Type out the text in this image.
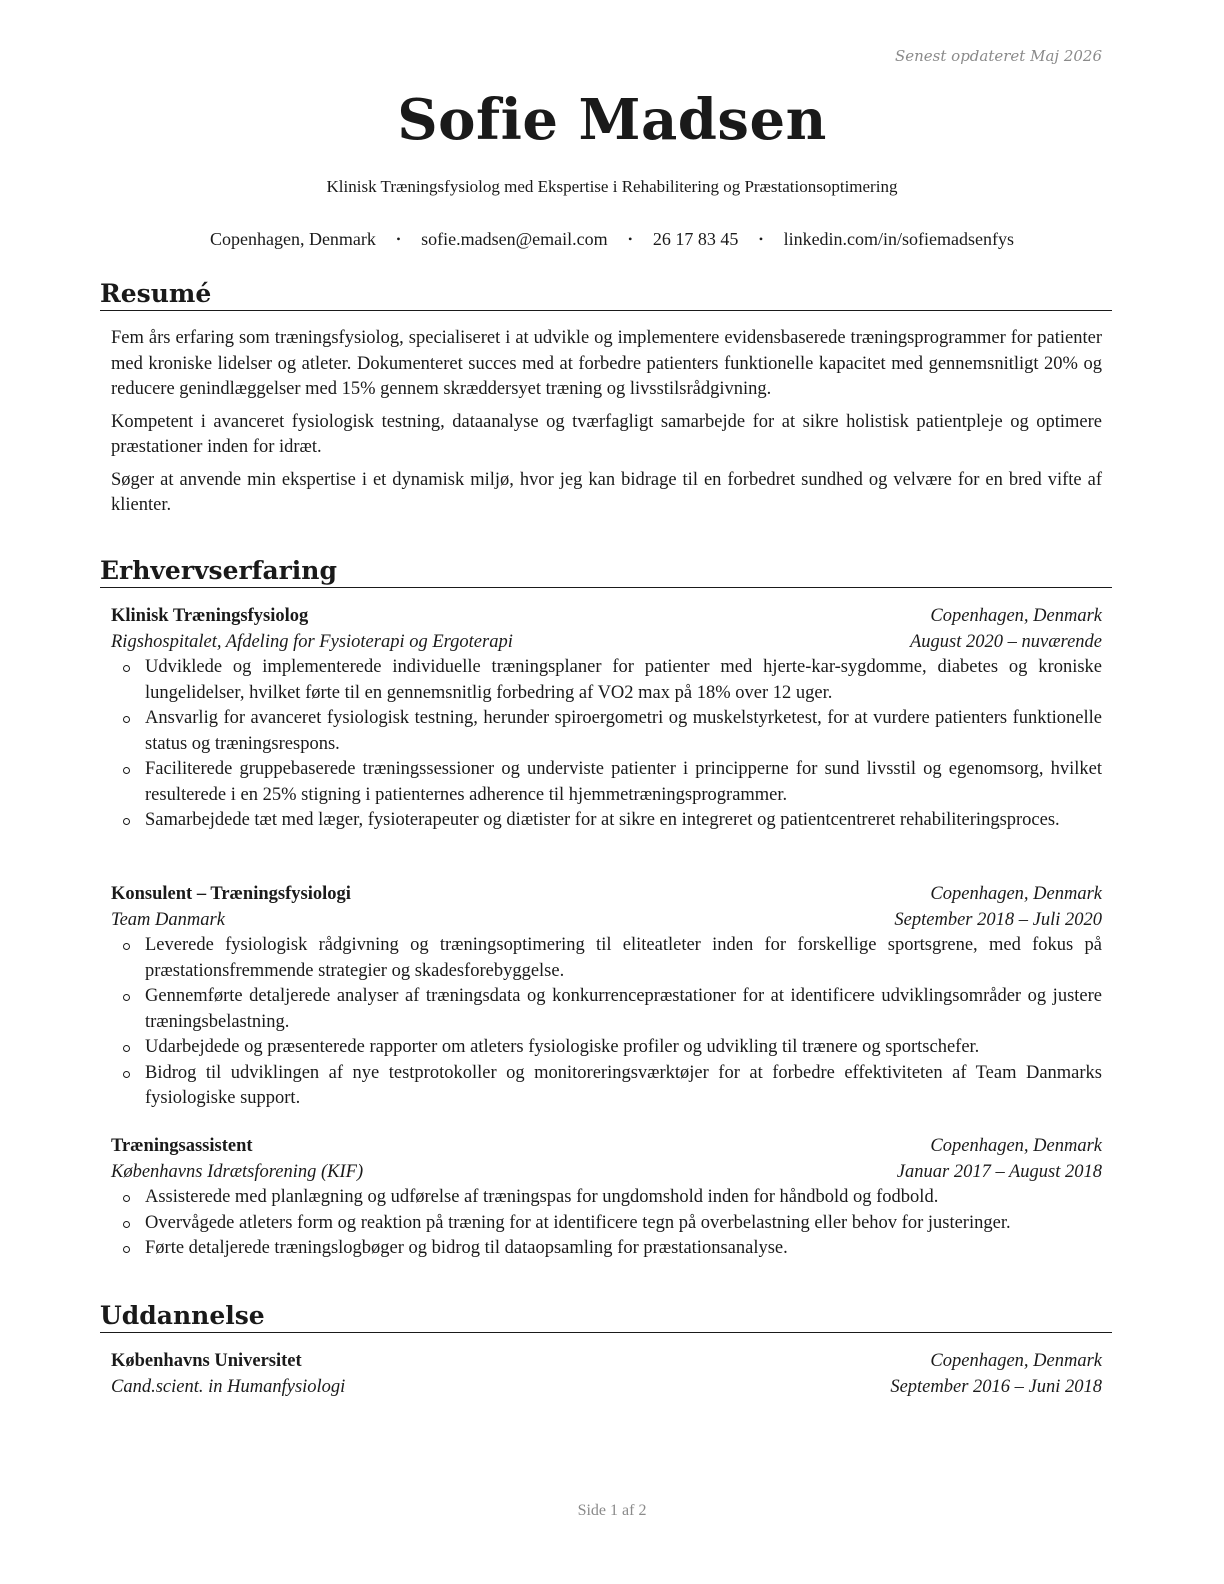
Senest opdateret Maj 2026
Sofie Madsen
Klinisk Træningsfysiolog med Ekspertise i Rehabilitering og Præstationsoptimering
Copenhagen, Denmark • sofie.madsen@email.com • 26 17 83 45 • linkedin.com/in/sofiemadsenfys
Resumé

Fem års erfaring som træningsfysiolog, specialiseret i at udvikle og implementere evidensbaserede træningsprogrammer for patienter med kroniske lidelser og atleter. Dokumenteret succes med at forbedre patienters funktionelle kapacitet med gennemsnitligt 20% og reducere genindlæggelser med 15% gennem skræddersyet træning og livsstilsrådgivning.

Kompetent i avanceret fysiologisk testning, dataanalyse og tværfagligt samarbejde for at sikre holistisk patientpleje og optimere præstationer inden for idræt.

Søger at anvende min ekspertise i et dynamisk miljø, hvor jeg kan bidrage til en forbedret sundhed og velvære for en bred vifte af klienter.

Erhvervserfaring
Klinisk Træningsfysiolog	Copenhagen, Denmark
Rigshospitalet, Afdeling for Fysioterapi og Ergoterapi	August 2020 – nuværende
Udviklede og implementerede individuelle træningsplaner for patienter med hjerte-kar-sygdomme, diabetes og kroniske lungelidelser, hvilket førte til en gennemsnitlig forbedring af VO2 max på 18% over 12 uger.
Ansvarlig for avanceret fysiologisk testning, herunder spiroergometri og muskelstyrketest, for at vurdere patienters funktionelle status og træningsrespons.
Faciliterede gruppebaserede træningssessioner og underviste patienter i principperne for sund livsstil og egenomsorg, hvilket resulterede i en 25% stigning i patienternes adherence til hjemmetræningsprogrammer.
Samarbejdede tæt med læger, fysioterapeuter og diætister for at sikre en integreret og patientcentreret rehabiliteringsproces.
Konsulent – Træningsfysiologi	Copenhagen, Denmark
Team Danmark	September 2018 – Juli 2020
Leverede fysiologisk rådgivning og træningsoptimering til eliteatleter inden for forskellige sportsgrene, med fokus på præstationsfremmende strategier og skadesforebyggelse.
Gennemførte detaljerede analyser af træningsdata og konkurrencepræstationer for at identificere udviklingsområder og justere træningsbelastning.
Udarbejdede og præsenterede rapporter om atleters fysiologiske profiler og udvikling til trænere og sportschefer.
Bidrog til udviklingen af nye testprotokoller og monitoreringsværktøjer for at forbedre effektiviteten af Team Danmarks fysiologiske support.
Træningsassistent	Copenhagen, Denmark
Københavns Idrætsforening (KIF)	Januar 2017 – August 2018
Assisterede med planlægning og udførelse af træningspas for ungdomshold inden for håndbold og fodbold.
Overvågede atleters form og reaktion på træning for at identificere tegn på overbelastning eller behov for justeringer.
Førte detaljerede træningslogbøger og bidrog til dataopsamling for præstationsanalyse.
Uddannelse
Københavns Universitet	Copenhagen, Denmark
Cand.scient. in Humanfysiologi	September 2016 – Juni 2018
Side 1 af 2
